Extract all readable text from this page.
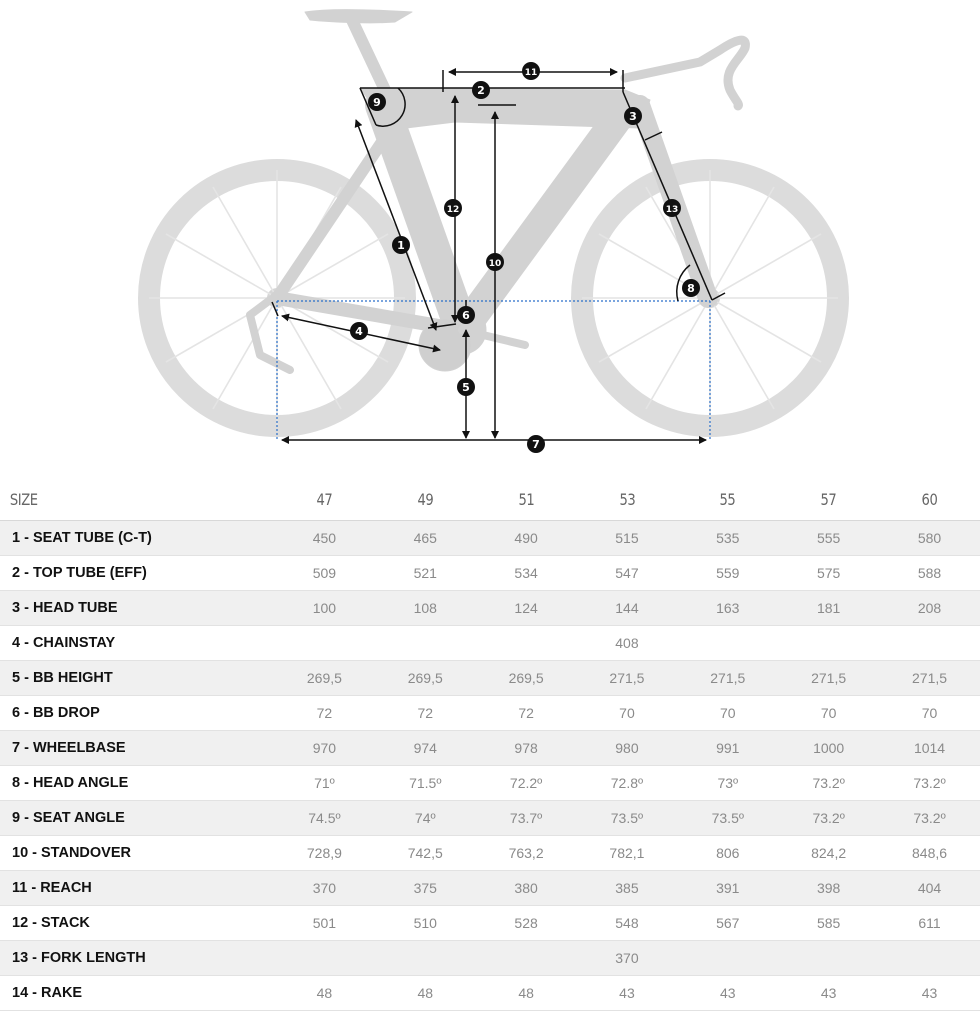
1
2
3
4
5
6
7
8
9
10
11
12	13
SIZE	47	49	51	53	55	57	60
1 - SEAT TUBE (C-T)	450	465	490	515	535	555	580
2 - TOP TUBE (EFF)	509	521	534	547	559	575	588
3 - HEAD TUBE	100	108	124	144	163	181	208
4 - CHAINSTAY				408			
5 - BB HEIGHT	269,5	269,5	269,5	271,5	271,5	271,5	271,5
6 - BB DROP	72	72	72	70	70	70	70
7 - WHEELBASE	970	974	978	980	991	1000	1014
8 - HEAD ANGLE	71º	71.5º	72.2º	72.8º	73º	73.2º	73.2º
9 - SEAT ANGLE	74.5º	74º	73.7º	73.5º	73.5º	73.2º	73.2º
10 - STANDOVER	728,9	742,5	763,2	782,1	806	824,2	848,6
11 - REACH	370	375	380	385	391	398	404
12 - STACK	501	510	528	548	567	585	611
13 - FORK LENGTH				370			
14 - RAKE	48	48	48	43	43	43	43
